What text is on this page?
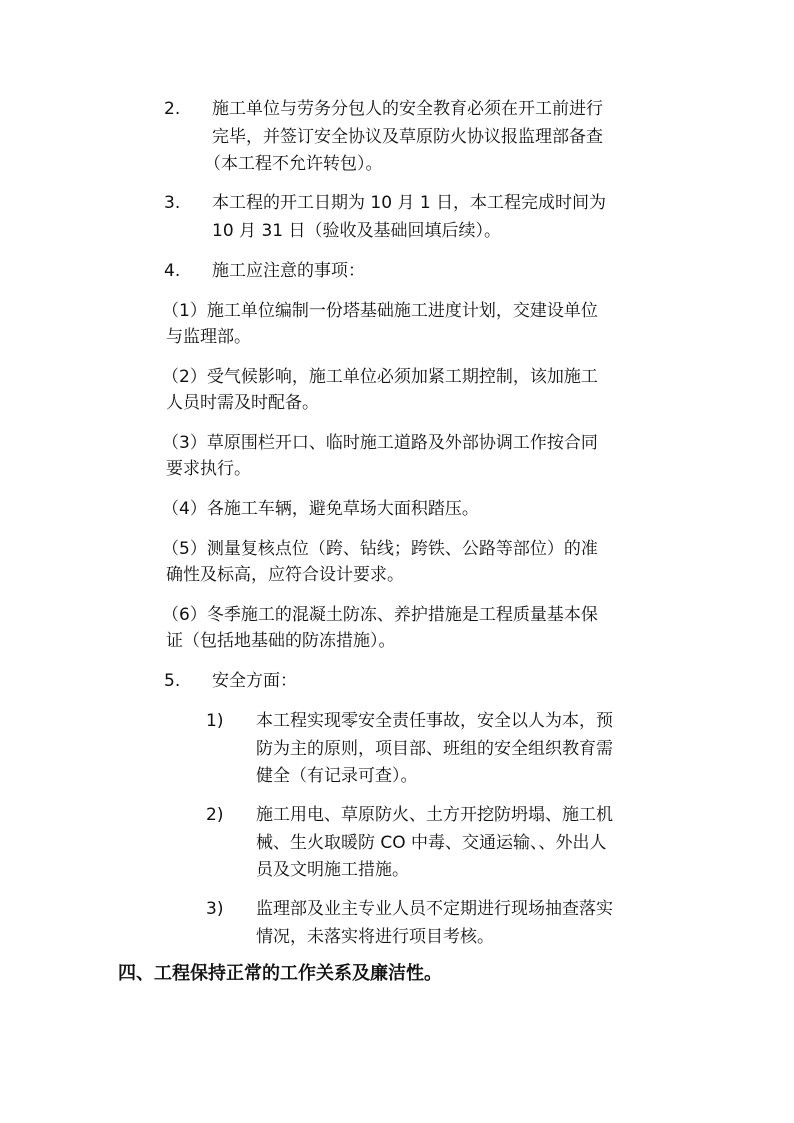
2. 施工单位与劳务分包人的安全教育必须在开工前进行
完毕，并签订安全协议及草原防火协议报监理部备查
（本工程不允许转包）。
3. 本工程的开工日期为 10 月 1 日，本工程完成时间为
10 月 31 日（验收及基础回填后续）。
4. 施工应注意的事项：
（1）施工单位编制一份塔基础施工进度计划，交建设单位
与监理部。
（2）受气候影响，施工单位必须加紧工期控制，该加施工
人员时需及时配备。
（3）草原围栏开口、临时施工道路及外部协调工作按合同
要求执行。
（4）各施工车辆，避免草场大面积踏压。
（5）测量复核点位（跨、钻线；跨铁、公路等部位）的准
确性及标高，应符合设计要求。
（6）冬季施工的混凝土防冻、养护措施是工程质量基本保
证（包括地基础的防冻措施）。
5. 安全方面：
1) 本工程实现零安全责任事故，安全以人为本，预
防为主的原则，项目部、班组的安全组织教育需
健全（有记录可查）。
2) 施工用电、草原防火、土方开挖防坍塌、施工机
械、生火取暖防 CO 中毒、交通运输、、外出人
员及文明施工措施。
3) 监理部及业主专业人员不定期进行现场抽查落实
情况，未落实将进行项目考核。
四、工程保持正常的工作关系及廉洁性。
